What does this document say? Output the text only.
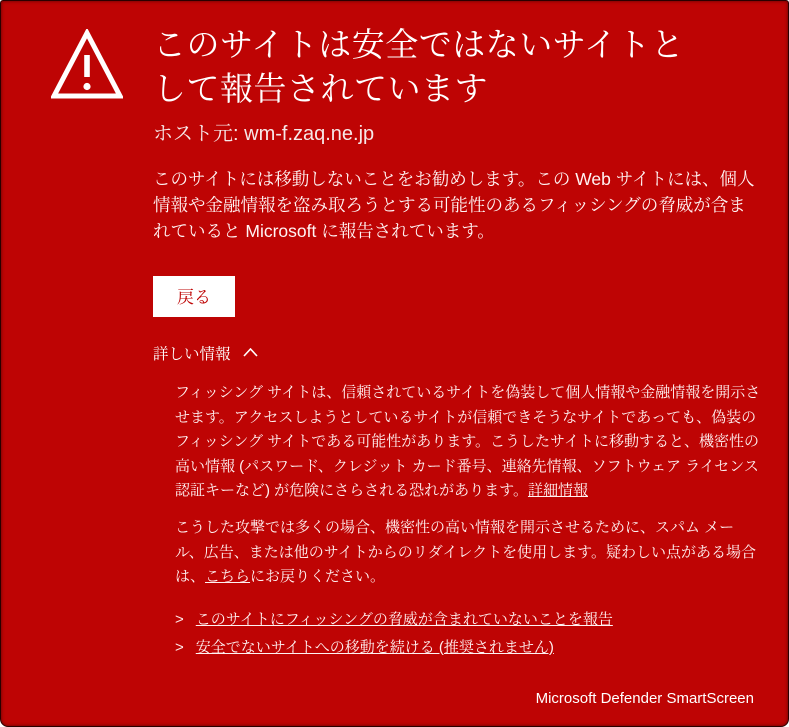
このサイトは安全ではないサイトとして報告されています
ホスト元: wm-f.zaq.ne.jp

このサイトには移動しないことをお勧めします。この Web サイトには、個人情報や金融情報を盗み取ろうとする可能性のあるフィッシングの脅威が含まれていると Microsoft に報告されています。

戻る
詳しい情報

フィッシング サイトは、信頼されているサイトを偽装して個人情報や金融情報を開示させます。アクセスしようとしているサイトが信頼できそうなサイトであっても、偽装のフィッシング サイトである可能性があります。こうしたサイトに移動すると、機密性の高い情報 (パスワード、クレジット カード番号、連絡先情報、ソフトウェア ライセンス認証キーなど) が危険にさらされる恐れがあります。詳細情報

こうした攻撃では多くの場合、機密性の高い情報を開示させるために、スパム メール、広告、または他のサイトからのリダイレクトを使用します。疑わしい点がある場合は、こちらにお戻りください。

> このサイトにフィッシングの脅威が含まれていないことを報告
> 安全でないサイトへの移動を続ける (推奨されません)
Microsoft Defender SmartScreen
